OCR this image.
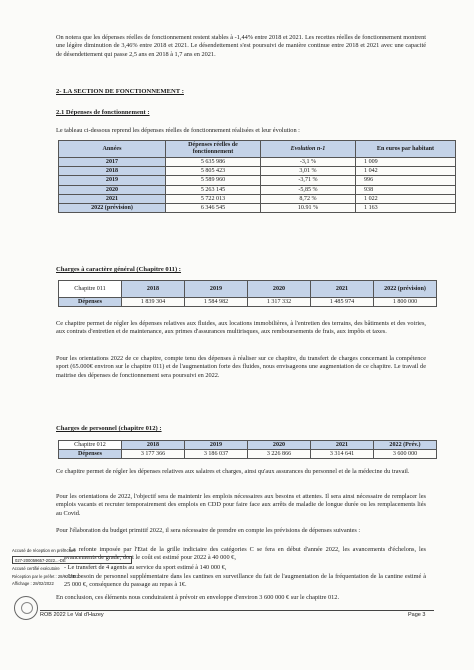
On notera que les dépenses réelles de fonctionnement restent stables à -1,44% entre 2018 et 2021. Les recettes réelles de fonctionnement montrent une légère diminution de 3,46% entre 2018 et 2021. Le désendettement s'est poursuivi de manière continue entre 2018 et 2021 avec une capacité de désendettement qui passe 2,5 ans en 2018 à 1,7 ans en 2021.

2- LA SECTION DE FONCTIONNEMENT :

2.1 Dépenses de fonctionnement :

Le tableau ci-dessous reprend les dépenses réelles de fonctionnement réalisées et leur évolution :

Années	Dépenses réelles de fonctionnement	Evolution n-1	En euros par habitant
2017	5 635 986	-3,1 %	1 009
2018	5 805 423	3,01 %	1 042
2019	5 589 960	-3,71 %	996
2020	5 263 145	-5,85 %	938
2021	5 722 013	8,72 %	1 022
2022 (prévision)	6 346 545	10.91 %	1 163

Charges à caractère général (Chapitre 011) :

Chapitre 011	2018	2019	2020	2021	2022 (prévision)
Dépenses	1 839 304	1 584 982	1 317 332	1 485 974	1 800 000

Ce chapitre permet de régler les dépenses relatives aux fluides, aux locations immobilières, à l'entretien des terrains, des bâtiments et des voiries, aux contrats d'entretien et de maintenance, aux primes d'assurances multirisques, aux remboursements de frais, aux impôts et taxes.

Pour les orientations 2022 de ce chapitre, compte tenu des dépenses à réaliser sur ce chapitre, du transfert de charges concernant la compétence sport (65.000€ environ sur le chapitre 011) et de l'augmentation forte des fluides, nous envisageons une augmentation de ce chapitre. Le travail de maitrise des dépenses de fonctionnement sera poursuivi en 2022.

Charges de personnel (chapitre 012) :

Chapitre 012	2018	2019	2020	2021	2022 (Prév.)
Dépenses	3 177 366	3 186 037	3 226 866	3 314 641	3 600 000

Ce chapitre permet de régler les dépenses relatives aux salaires et charges, ainsi qu'aux assurances du personnel et de la médecine du travail.

Pour les orientations de 2022, l'objectif sera de maintenir les emplois nécessaires aux besoins et attentes. Il sera ainsi nécessaire de remplacer les emplois vacants et recruter temporairement des emplois en CDD pour faire face aux arrêts de maladie de longue durée ou les remplacements liés au Covid.

Pour l'élaboration du budget primitif 2022, il sera nécessaire de prendre en compte les prévisions de dépenses suivantes :

- La refonte imposée par l'Etat de la grille indiciaire des catégories C se fera en début d'année 2022, les avancements d'échelons, les avancements de grade, dont le coût est estimé pour 2022 à 40 000 €,

- Le transfert de 4 agents au service du sport estimé à 140 000 €,

- Un besoin de personnel supplémentaire dans les cantines en surveillance du fait de l'augmentation de la fréquentation de la cantine estimé à 25 000 €, conséquence du passage au repas à 1€.

En conclusion, ces éléments nous conduiraient à prévoir en enveloppe d'environ 3 600 000 € sur le chapitre 012.

Accusé de réception en préfecture
027-200059657-2022...-DE
Accusé certifié exécutoire
Réception par le préfet : 28/02/2022
Affichage : 28/02/2022
ROB 2022 Le Val d'Hazey	Page 3
